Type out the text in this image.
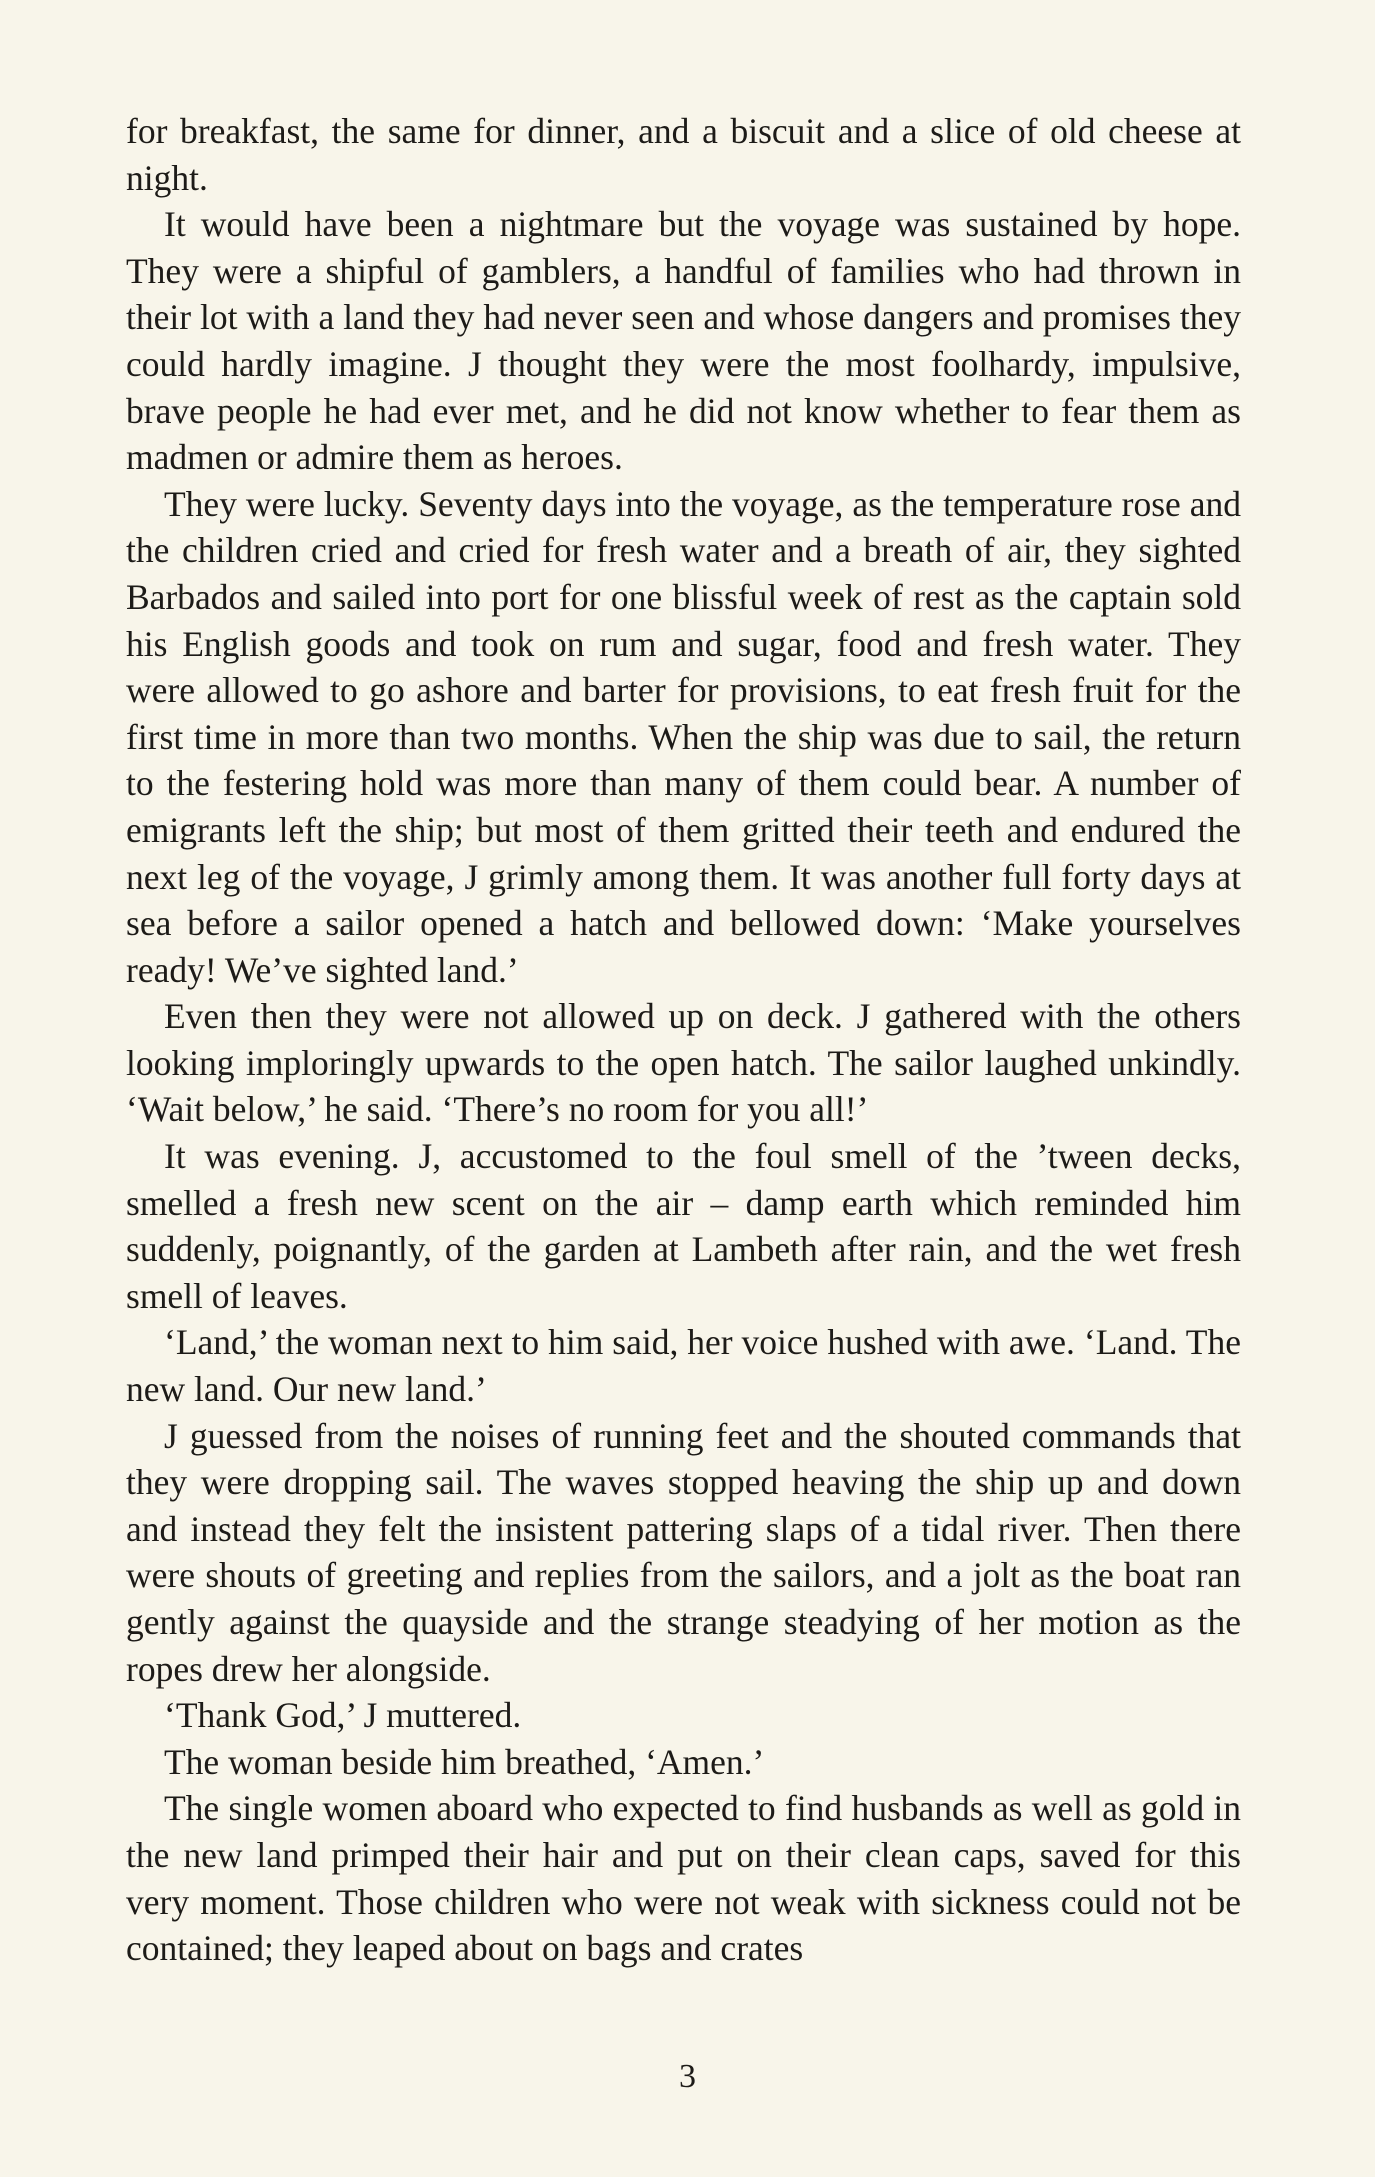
for breakfast, the same for dinner, and a biscuit and a slice of old cheese at night.

It would have been a nightmare but the voyage was sustained by hope. They were a shipful of gamblers, a handful of families who had thrown in their lot with a land they had never seen and whose dangers and promises they could hardly imagine. J thought they were the most foolhardy, impulsive, brave people he had ever met, and he did not know whether to fear them as madmen or admire them as heroes.

They were lucky. Seventy days into the voyage, as the temperature rose and the children cried and cried for fresh water and a breath of air, they sighted Barbados and sailed into port for one blissful week of rest as the captain sold his English goods and took on rum and sugar, food and fresh water. They were allowed to go ashore and barter for provisions, to eat fresh fruit for the first time in more than two months. When the ship was due to sail, the return to the festering hold was more than many of them could bear. A number of emigrants left the ship; but most of them gritted their teeth and endured the next leg of the voyage, J grimly among them. It was another full forty days at sea before a sailor opened a hatch and bellowed down: ‘Make yourselves ready! We’ve sighted land.’

Even then they were not allowed up on deck. J gathered with the others looking imploringly upwards to the open hatch. The sailor laughed unkindly. ‘Wait below,’ he said. ‘There’s no room for you all!’

It was evening. J, accustomed to the foul smell of the ’tween decks, smelled a fresh new scent on the air – damp earth which reminded him suddenly, poignantly, of the garden at Lambeth after rain, and the wet fresh smell of leaves.

‘Land,’ the woman next to him said, her voice hushed with awe. ‘Land. The new land. Our new land.’

J guessed from the noises of running feet and the shouted commands that they were dropping sail. The waves stopped heaving the ship up and down and instead they felt the insistent pattering slaps of a tidal river. Then there were shouts of greeting and replies from the sailors, and a jolt as the boat ran gently against the quayside and the strange steadying of her motion as the ropes drew her alongside.

‘Thank God,’ J muttered.

The woman beside him breathed, ‘Amen.’

The single women aboard who expected to find husbands as well as gold in the new land primped their hair and put on their clean caps, saved for this very moment. Those children who were not weak with sickness could not be contained; they leaped about on bags and crates

3
